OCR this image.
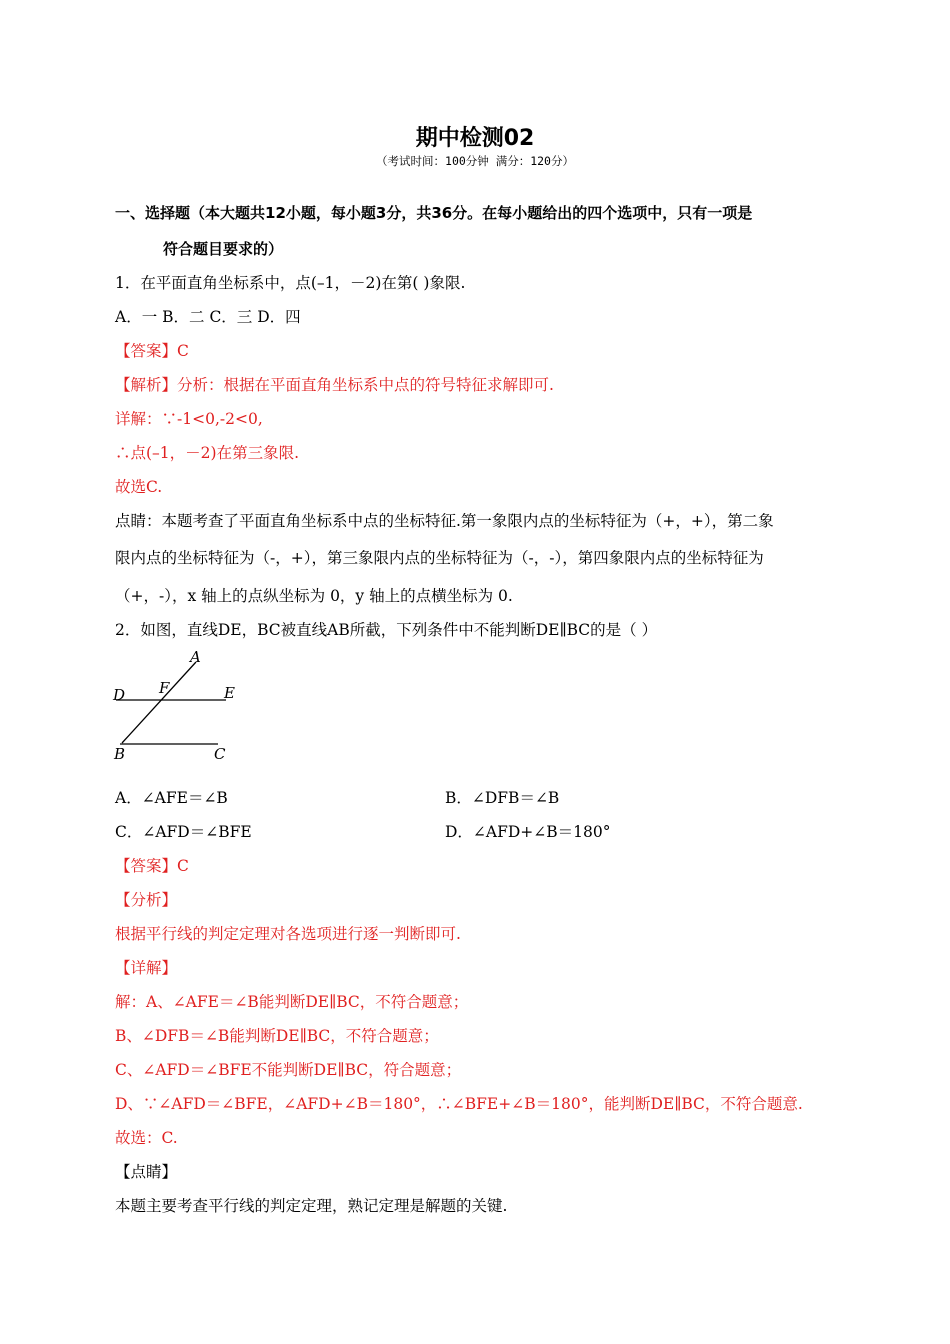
期中检测02
（考试时间：100分钟 满分：120分）
一、选择题（本大题共12小题，每小题3分，共36分。在每小题给出的四个选项中，只有一项是
符合题目要求的）
1．在平面直角坐标系中，点(–1，－2)在第( )象限.
A．一 B．二 C．三 D．四
【答案】C
【解析】分析：根据在平面直角坐标系中点的符号特征求解即可.
详解：∵-1<0,-2<0,
∴点(–1，－2)在第三象限.
故选C.
点睛：本题考查了平面直角坐标系中点的坐标特征.第一象限内点的坐标特征为（+，+），第二象
限内点的坐标特征为（-，+），第三象限内点的坐标特征为（-，-），第四象限内点的坐标特征为
（+，-），x 轴上的点纵坐标为 0，y 轴上的点横坐标为 0.
2．如图，直线DE，BC被直线AB所截，下列条件中不能判断DE∥BC的是（ ）
A
D F	E
B	C
A．∠AFE＝∠B	B．∠DFB＝∠B
C．∠AFD＝∠BFE	D．∠AFD+∠B＝180°
【答案】C
【分析】
根据平行线的判定定理对各选项进行逐一判断即可.
【详解】
解：A、∠AFE＝∠B能判断DE∥BC，不符合题意；
B、∠DFB＝∠B能判断DE∥BC，不符合题意；
C、∠AFD＝∠BFE不能判断DE∥BC，符合题意；
D、∵∠AFD＝∠BFE，∠AFD+∠B＝180°，∴∠BFE+∠B＝180°，能判断DE∥BC，不符合题意.
故选：C.
【点睛】
本题主要考查平行线的判定定理，熟记定理是解题的关键.
